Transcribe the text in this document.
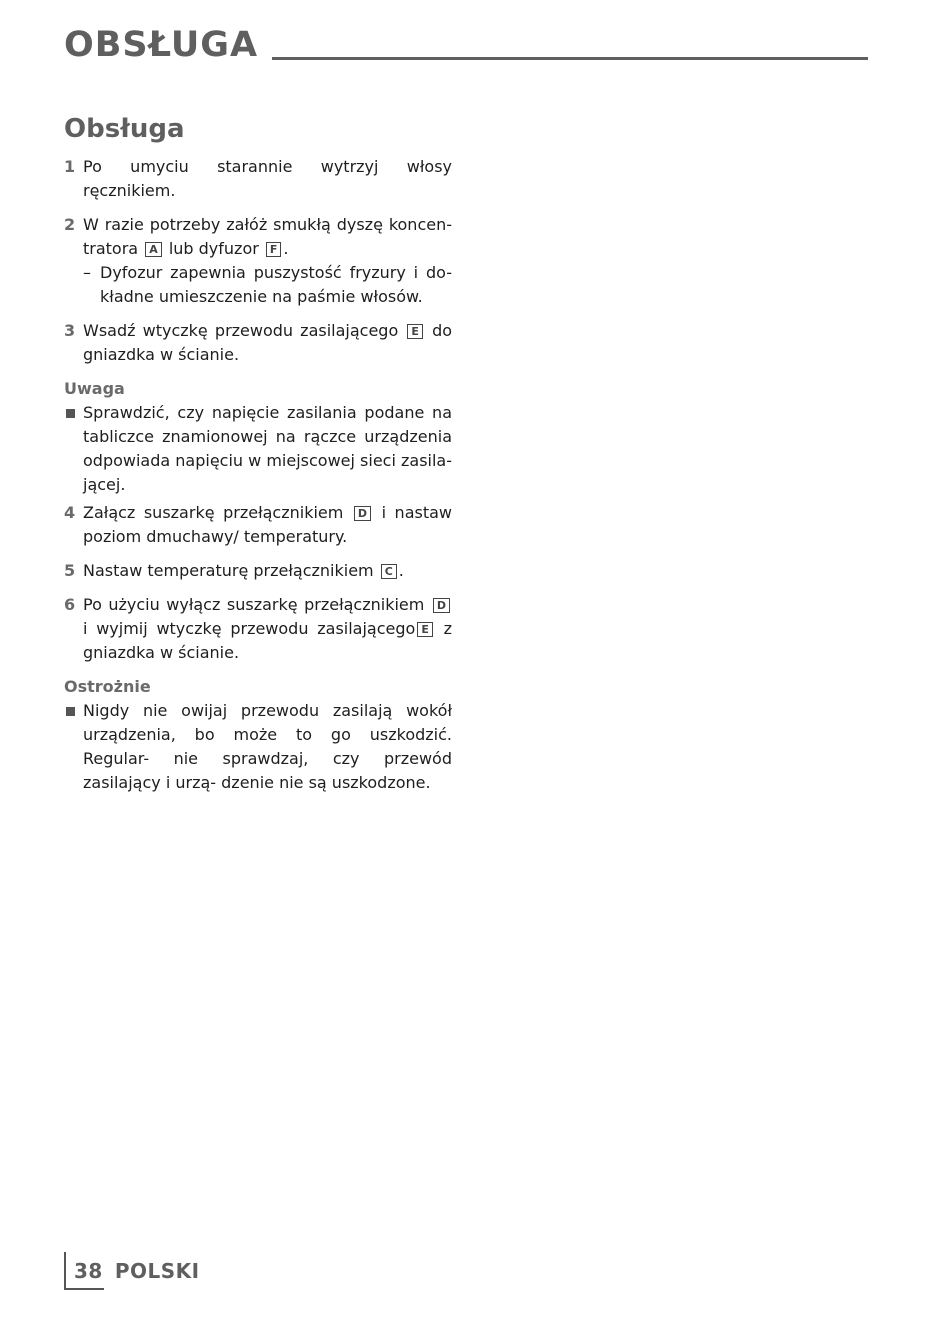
OBSŁUGA
Obsługa
1 Po umyciu starannie wytrzyj włosy ręcznikiem.
2 W razie potrzeby załóż smukłą dyszę koncen- tratora A lub dyfuzor F .
– Dyfozur zapewnia puszystość fryzury i do- kładne umieszczenie na paśmie włosów.
3 Wsadź wtyczkę przewodu zasilającego E do gniazdka w ścianie.
Uwaga
Sprawdzić, czy napięcie zasilania podane na tabliczce znamionowej na rączce urządzenia odpowiada napięciu w miejscowej sieci zasila- jącej.
4 Załącz suszarkę przełącznikiem D i nastaw poziom dmuchawy/ temperatury.
5 Nastaw temperaturę przełącznikiem C .
6 Po użyciu wyłącz suszarkę przełącznikiem D i wyjmij wtyczkę przewodu zasilającego E z gniazdka w ścianie.
Ostrożnie
Nigdy nie owijaj przewodu zasilają wokół urządzenia, bo może to go uszkodzić. Regular- nie sprawdzaj, czy przewód zasilający i urzą- dzenie nie są uszkodzone.
38 POLSKI
